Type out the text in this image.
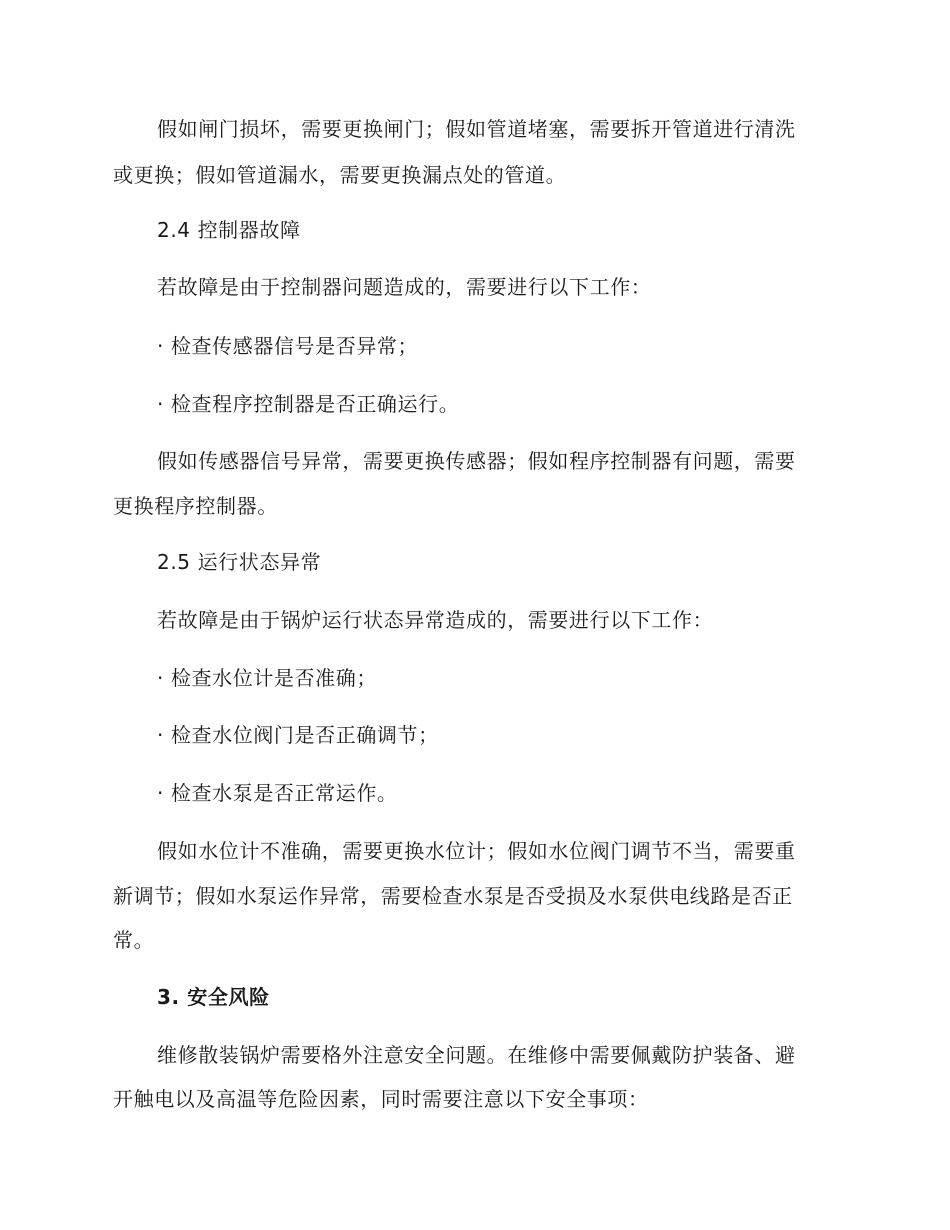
假如闸门损坏，需要更换闸门；假如管道堵塞，需要拆开管道进行清洗
或更换；假如管道漏水，需要更换漏点处的管道。
2.4 控制器故障
若故障是由于控制器问题造成的，需要进行以下工作：
· 检查传感器信号是否异常；
· 检查程序控制器是否正确运行。
假如传感器信号异常，需要更换传感器；假如程序控制器有问题，需要
更换程序控制器。
2.5 运行状态异常
若故障是由于锅炉运行状态异常造成的，需要进行以下工作：
· 检查水位计是否准确；
· 检查水位阀门是否正确调节；
· 检查水泵是否正常运作。
假如水位计不准确，需要更换水位计；假如水位阀门调节不当，需要重
新调节；假如水泵运作异常，需要检查水泵是否受损及水泵供电线路是否正
常。
3. 安全风险
维修散装锅炉需要格外注意安全问题。在维修中需要佩戴防护装备、避
开触电以及高温等危险因素，同时需要注意以下安全事项：
